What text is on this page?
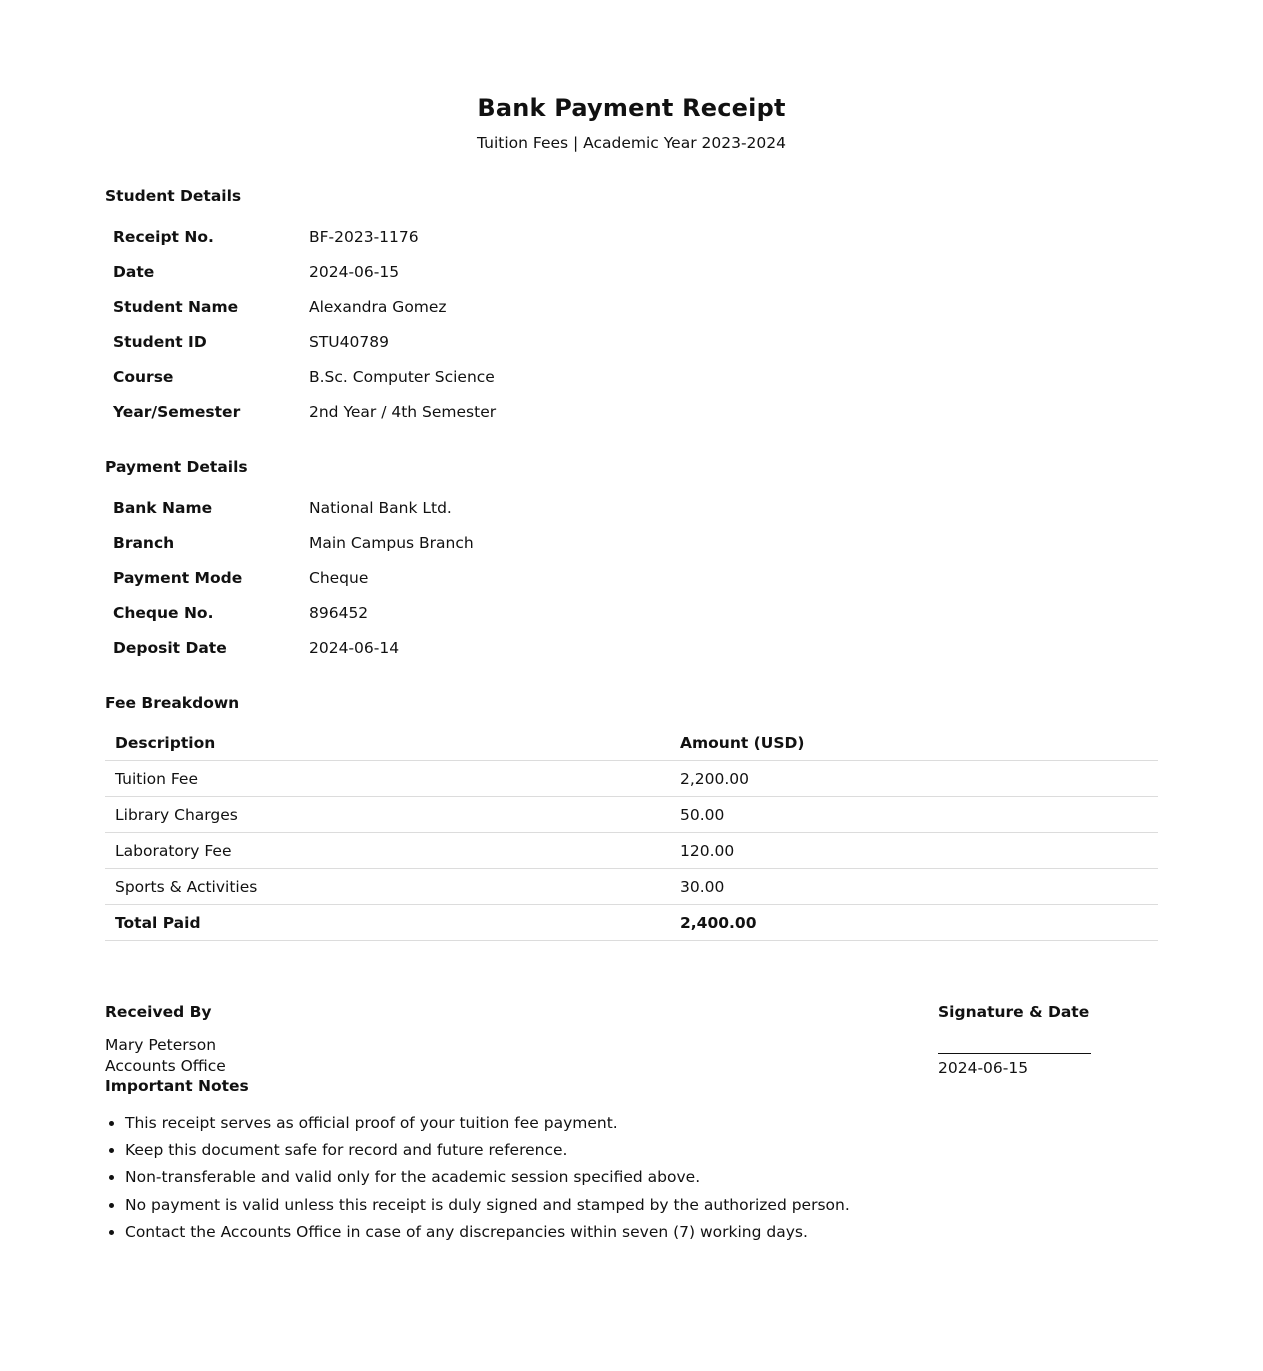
Bank Payment Receipt
Tuition Fees | Academic Year 2023-2024
Student Details
Receipt No.	BF-2023-1176
Date	2024-06-15
Student Name	Alexandra Gomez
Student ID	STU40789
Course	B.Sc. Computer Science
Year/Semester	2nd Year / 4th Semester
Payment Details
Bank Name	National Bank Ltd.
Branch	Main Campus Branch
Payment Mode	Cheque
Cheque No.	896452
Deposit Date	2024-06-14
Fee Breakdown
Description	Amount (USD)
Tuition Fee	2,200.00
Library Charges	50.00
Laboratory Fee	120.00
Sports & Activities	30.00
Total Paid	2,400.00
Received By
Mary Peterson
Accounts Office
Signature & Date
2024-06-15
Important Notes
• This receipt serves as official proof of your tuition fee payment.
• Keep this document safe for record and future reference.
• Non-transferable and valid only for the academic session specified above.
• No payment is valid unless this receipt is duly signed and stamped by the authorized person.
• Contact the Accounts Office in case of any discrepancies within seven (7) working days.
